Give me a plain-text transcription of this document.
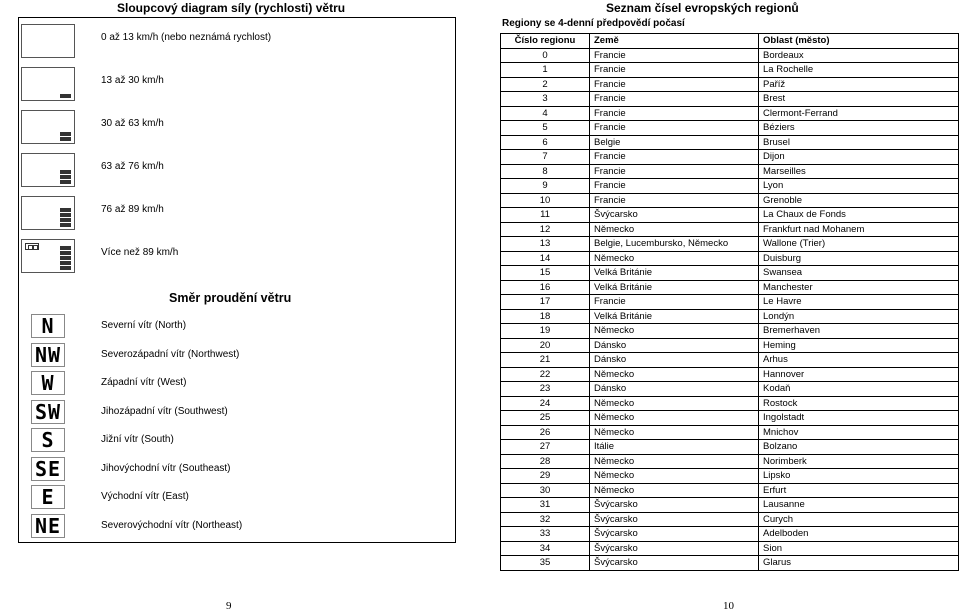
Sloupcový diagram síly (rychlosti) větru
0 až 13 km/h (nebo neznámá rychlost)
13 až 30 km/h
30 až 63 km/h
63 až 76 km/h
76 až 89 km/h
Více než 89 km/h
Směr proudění větru
N	Severní vítr (North)
NW	Severozápadní vítr (Northwest)
W	Západní vítr (West)
SW	Jihozápadní vítr (Southwest)
S	Jižní vítr (South)
SE	Jihovýchodní vítr (Southeast)
E	Východní vítr (East)
NE	Severovýchodní vítr (Northeast)
Seznam čísel evropských regionů
Regiony se 4-denní předpovědí počasí
Číslo regionu	Země	Oblast (město)
0	Francie	Bordeaux
1	Francie	La Rochelle
2	Francie	Paříž
3	Francie	Brest
4	Francie	Clermont-Ferrand
5	Francie	Béziers
6	Belgie	Brusel
7	Francie	Dijon
8	Francie	Marseilles
9	Francie	Lyon
10	Francie	Grenoble
11	Švýcarsko	La Chaux de Fonds
12	Německo	Frankfurt nad Mohanem
13	Belgie, Lucembursko, Německo	Wallone (Trier)
14	Německo	Duisburg
15	Velká Británie	Swansea
16	Velká Británie	Manchester
17	Francie	Le Havre
18	Velká Británie	Londýn
19	Německo	Bremerhaven
20	Dánsko	Heming
21	Dánsko	Arhus
22	Německo	Hannover
23	Dánsko	Kodaň
24	Německo	Rostock
25	Německo	Ingolstadt
26	Německo	Mnichov
27	Itálie	Bolzano
28	Německo	Norimberk
29	Německo	Lipsko
30	Německo	Erfurt
31	Švýcarsko	Lausanne
32	Švýcarsko	Curych
33	Švýcarsko	Adelboden
34	Švýcarsko	Sion
35	Švýcarsko	Glarus
9	10
